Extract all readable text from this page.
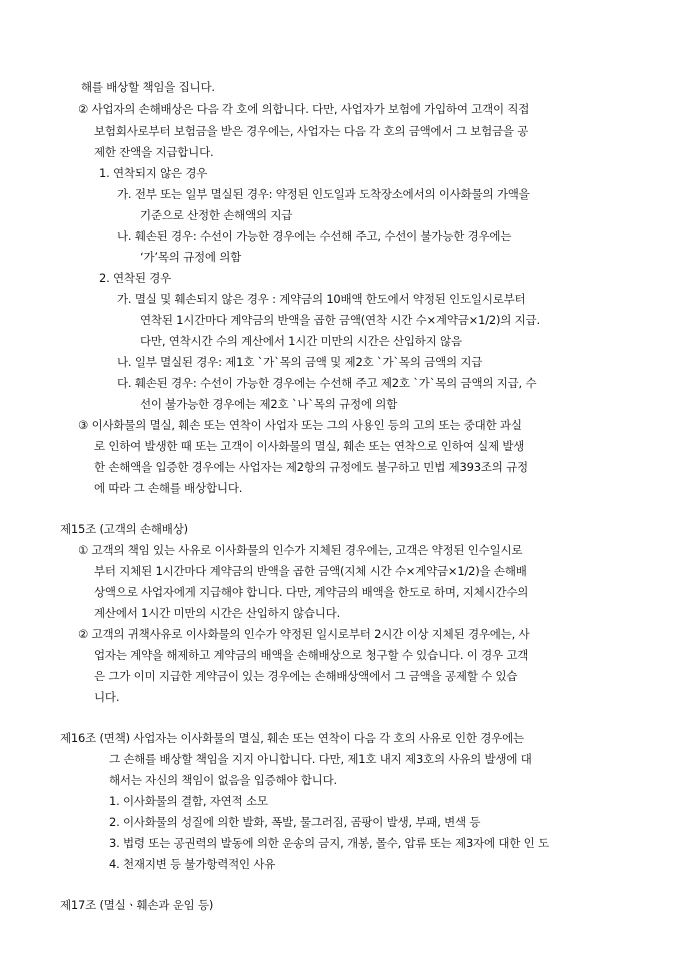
해를 배상할 책임을 집니다.
② 사업자의 손해배상은 다음 각 호에 의합니다. 다만, 사업자가 보험에 가입하여 고객이 직접
보험회사로부터 보험금을 받은 경우에는, 사업자는 다음 각 호의 금액에서 그 보험금을 공
제한 잔액을 지급합니다.
1. 연착되지 않은 경우
가. 전부 또는 일부 멸실된 경우: 약정된 인도일과 도착장소에서의 이사화물의 가액을
기준으로 산정한 손해액의 지급
나. 훼손된 경우: 수선이 가능한 경우에는 수선해 주고, 수선이 불가능한 경우에는
‘가’목의 규정에 의함
2. 연착된 경우
가. 멸실 및 훼손되지 않은 경우 : 계약금의 10배액 한도에서 약정된 인도일시로부터
연착된 1시간마다 계약금의 반액을 곱한 금액(연착 시간 수×계약금×1/2)의 지급.
다만, 연착시간 수의 계산에서 1시간 미만의 시간은 산입하지 않음
나. 일부 멸실된 경우: 제1호 `가`목의 금액 및 제2호 `가`목의 금액의 지급
다. 훼손된 경우: 수선이 가능한 경우에는 수선해 주고 제2호 `가`목의 금액의 지급, 수
선이 불가능한 경우에는 제2호 `나`목의 규정에 의함
③ 이사화물의 멸실, 훼손 또는 연착이 사업자 또는 그의 사용인 등의 고의 또는 중대한 과실
로 인하여 발생한 때 또는 고객이 이사화물의 멸실, 훼손 또는 연착으로 인하여 실제 발생
한 손해액을 입증한 경우에는 사업자는 제2항의 규정에도 불구하고 민법 제393조의 규정
에 따라 그 손해를 배상합니다.
제15조 (고객의 손해배상)
① 고객의 책임 있는 사유로 이사화물의 인수가 지체된 경우에는, 고객은 약정된 인수일시로
부터 지체된 1시간마다 계약금의 반액을 곱한 금액(지체 시간 수×계약금×1/2)을 손해배
상액으로 사업자에게 지급해야 합니다. 다만, 계약금의 배액을 한도로 하며, 지체시간수의
계산에서 1시간 미만의 시간은 산입하지 않습니다.
② 고객의 귀책사유로 이사화물의 인수가 약정된 일시로부터 2시간 이상 지체된 경우에는, 사
업자는 계약을 해제하고 계약금의 배액을 손해배상으로 청구할 수 있습니다. 이 경우 고객
은 그가 이미 지급한 계약금이 있는 경우에는 손해배상액에서 그 금액을 공제할 수 있습
니다.
제16조 (면책) 사업자는 이사화물의 멸실, 훼손 또는 연착이 다음 각 호의 사유로 인한 경우에는
그 손해를 배상할 책임을 지지 아니합니다. 다만, 제1호 내지 제3호의 사유의 발생에 대
해서는 자신의 책임이 없음을 입증해야 합니다.
1. 이사화물의 결함, 자연적 소모
2. 이사화물의 성질에 의한 발화, 폭발, 물그러짐, 곰팡이 발생, 부패, 변색 등
3. 법령 또는 공권력의 발동에 의한 운송의 금지, 개봉, 몰수, 압류 또는 제3자에 대한 인 도
4. 천재지변 등 불가항력적인 사유
제17조 (멸실ㆍ훼손과 운임 등)
